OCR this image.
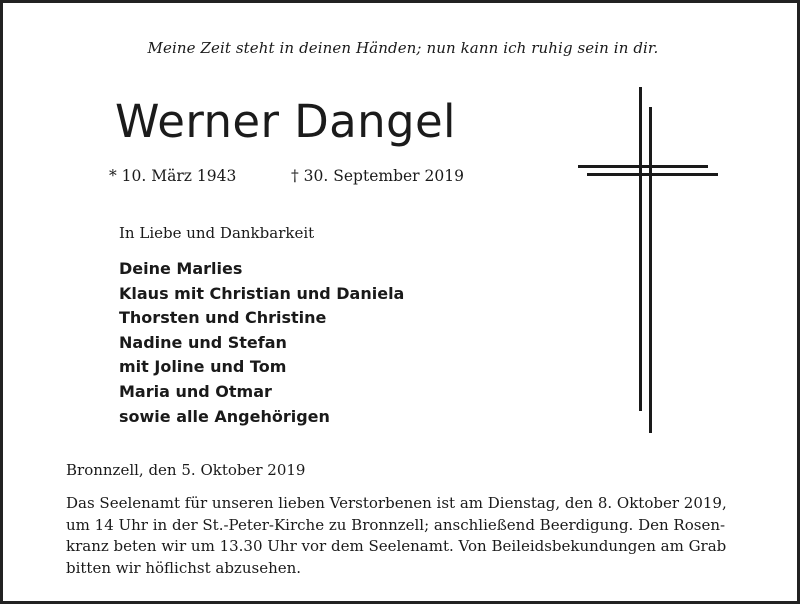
Meine Zeit steht in deinen Händen; nun kann ich ruhig sein in dir.
Werner Dangel
* 10. März 1943	† 30. September 2019
In Liebe und Dankbarkeit
Deine Marlies
Klaus mit Christian und Daniela
Thorsten und Christine
Nadine und Stefan
mit Joline und Tom
Maria und Otmar
sowie alle Angehörigen
Bronnzell, den 5. Oktober 2019

Das Seelenamt für unseren lieben Verstorbenen ist am Dienstag, den 8. Oktober 2019,
um 14 Uhr in der St.-Peter-Kirche zu Bronnzell; anschließend Beerdigung. Den Rosen-
kranz beten wir um 13.30 Uhr vor dem Seelenamt. Von Beileidsbekundungen am Grab
bitten wir höflichst abzusehen.
